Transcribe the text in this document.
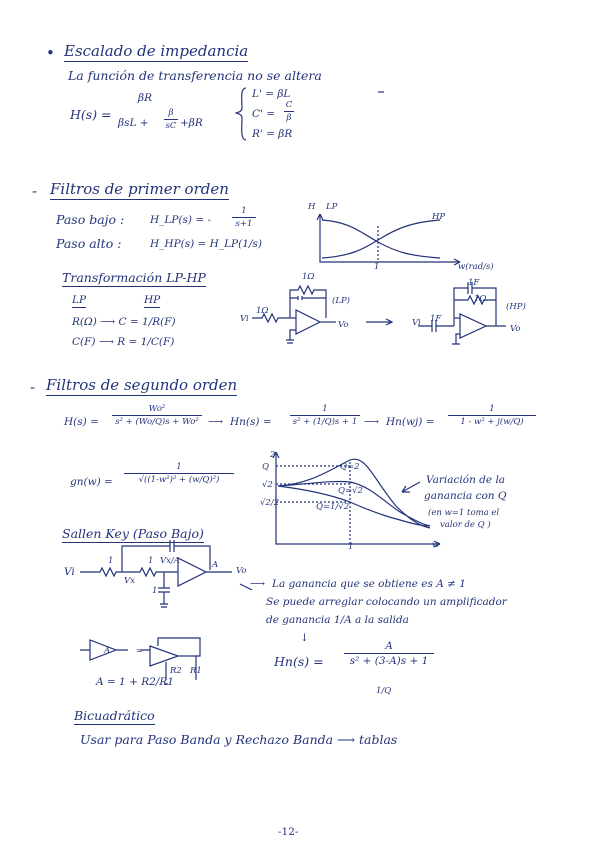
• Escalado de impedancia
La función de transferencia no se altera
H(s) =
βR
βsL +
β
sC +βR
L' = βL
C' =
C
β
R' = βR
- Filtros de primer orden
Paso bajo : H_LP(s) = -
1
s+1
Paso alto :	H_HP(s) = H_LP(1/s)
H LP
HP
1	w(rad/s)
Transformación LP-HP
LP	HP
R(Ω) ⟶ C = 1/R(F)
C(F) ⟶ R = 1/C(F)
1Ω
Vi
1Ω
(LP)
Vo
1F
1Ω
Vi 1F
(HP)
Vo
- Filtros de segundo orden
H(s) =
Wo²
s² + (Wo/Q)s + Wo² ⟶ Hn(s) =
1
s² + (1/Q)s + 1 ⟶ Hn(wj) =
1
1 - w² + j(w/Q)
gn(w) =
1
√((1-w²)² + (w/Q)²)
2
Q=2
Q=√2
Q=1/√2
Q
√2
√2/2
1	w
Variación de la
ganancia con Q
(en w=1 toma el
valor de Q )
Sallen Key (Paso Bajo)
Vi	Vo
A
1	1
1
Vx
Vx/A
⟶ La ganancia que se obtiene es A ≠ 1
Se puede arreglar colocando un amplificador
de ganancia 1/A a la salida
↓
Hn(s) =
A
s² + (3-A)s + 1
1/Q
A	=
R2 R1
A = 1 + R2/R1
Bicuadrático
Usar para Paso Banda y Rechazo Banda ⟶ tablas
-12-
